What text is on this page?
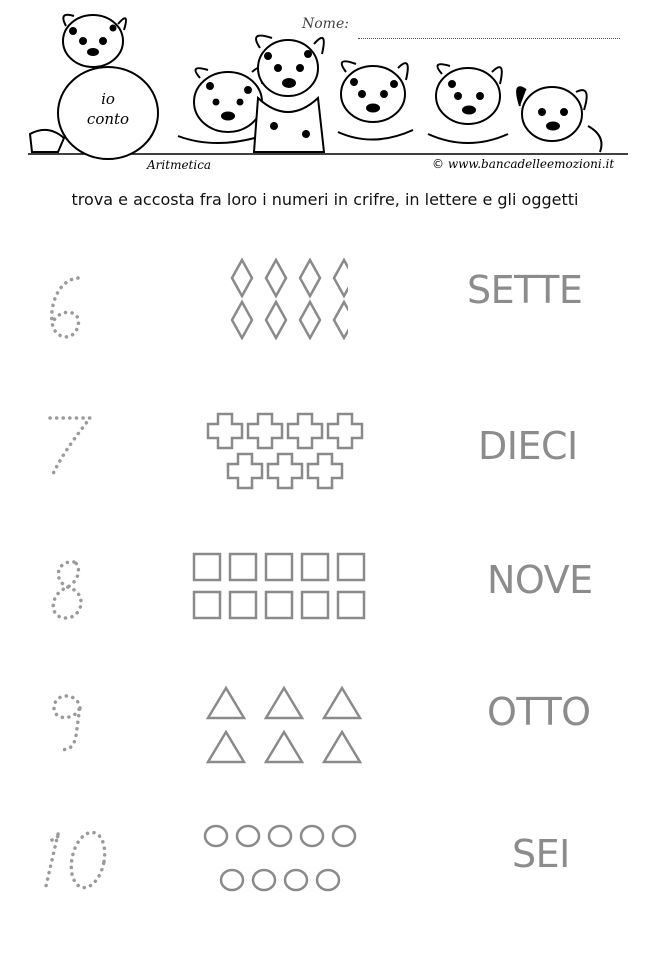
io
conto
Nome:
Aritmetica	© www.bancadelleemozioni.it
trova e accosta fra loro i numeri in crifre, in lettere e gli oggetti
SETTE
DIECI
NOVE
OTTO
SEI
